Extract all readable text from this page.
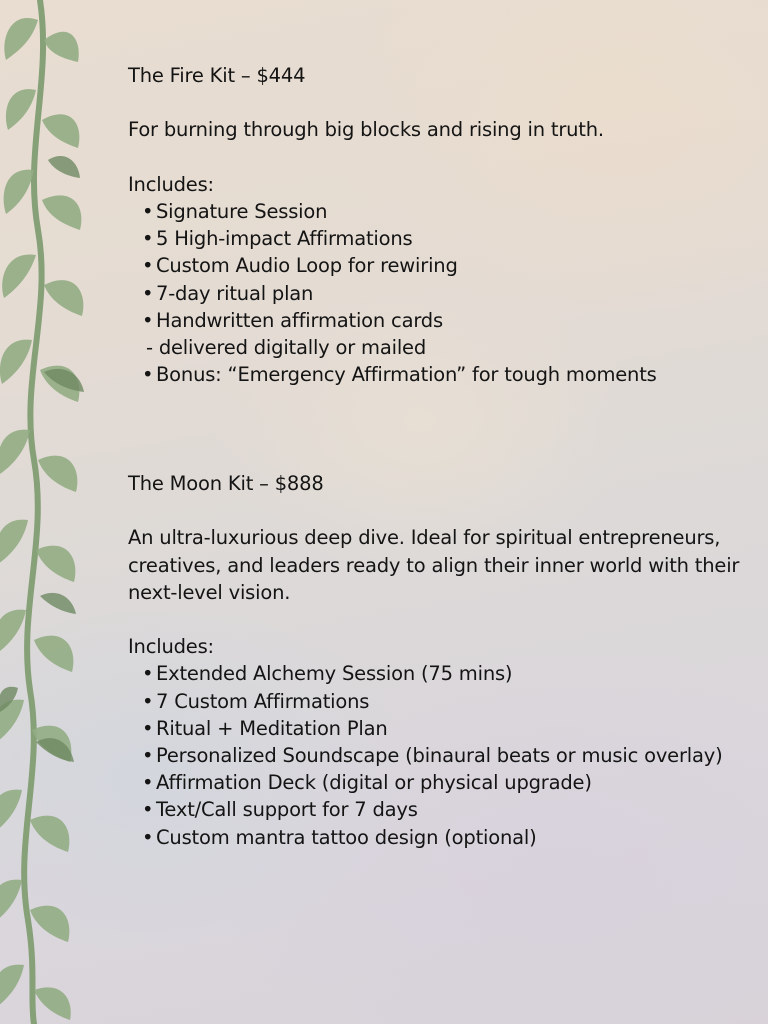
The Fire Kit – $444
For burning through big blocks and rising in truth.
Includes:
• Signature Session
• 5 High-impact Affirmations
• Custom Audio Loop for rewiring
• 7-day ritual plan
• Handwritten affirmation cards
- delivered digitally or mailed
• Bonus: “Emergency Affirmation” for tough moments
The Moon Kit – $888
An ultra-luxurious deep dive. Ideal for spiritual entrepreneurs, creatives, and leaders ready to align their inner world with their next-level vision.
Includes:
• Extended Alchemy Session (75 mins)
• 7 Custom Affirmations
• Ritual + Meditation Plan
• Personalized Soundscape (binaural beats or music overlay)
• Affirmation Deck (digital or physical upgrade)
• Text/Call support for 7 days
• Custom mantra tattoo design (optional)
